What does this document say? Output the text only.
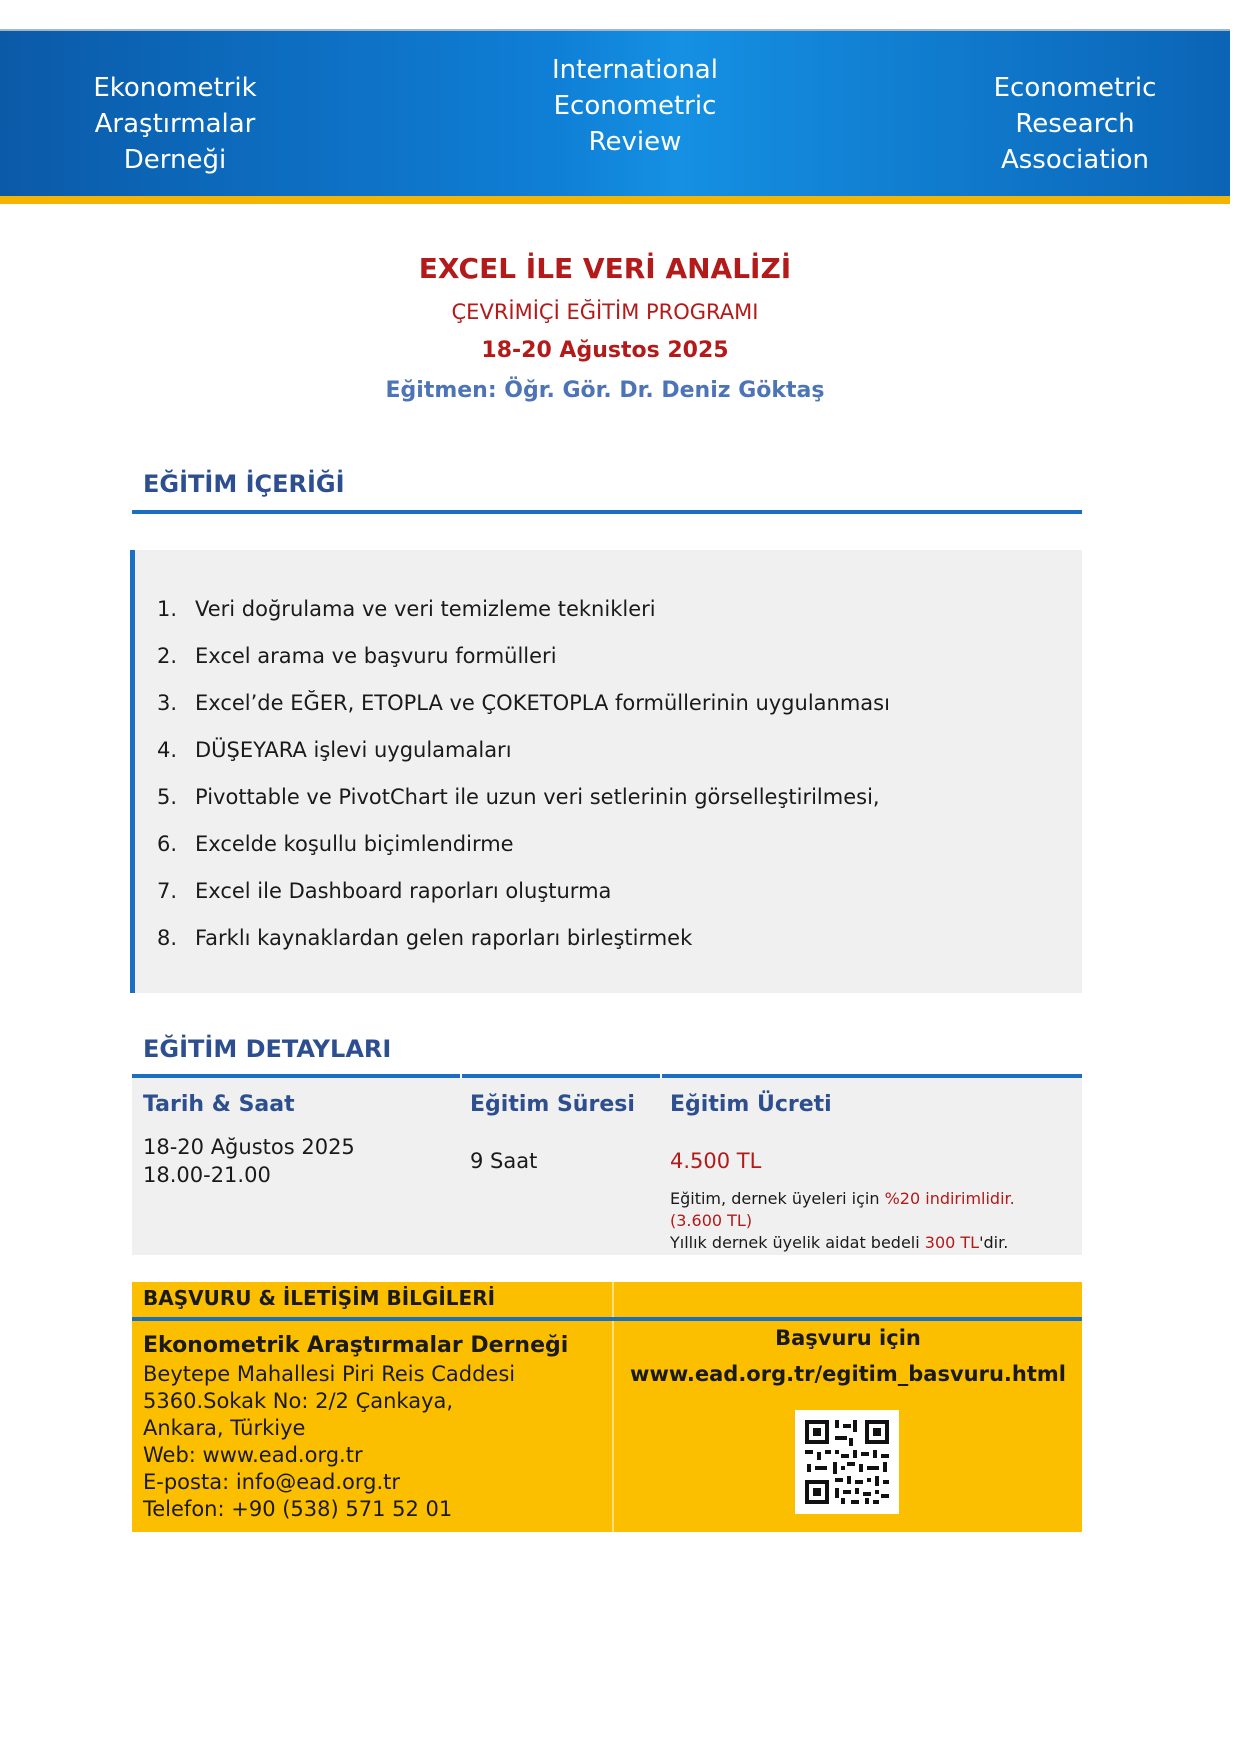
Ekonometrik Araştırmalar
Derneği
International
Econometric
Review
Econometric Research
Association
EXCEL İLE VERİ ANALİZİ
ÇEVRİMİÇİ EĞİTİM PROGRAMI
18-20 Ağustos 2025
Eğitmen: Öğr. Gör. Dr. Deniz Göktaş
EĞİTİM İÇERİĞİ
1. Veri doğrulama ve veri temizleme teknikleri
2. Excel arama ve başvuru formülleri
3. Excel’de EĞER, ETOPLA ve ÇOKETOPLA formüllerinin uygulanması
4. DÜŞEYARA işlevi uygulamaları
5. Pivottable ve PivotChart ile uzun veri setlerinin görselleştirilmesi,
6. Excelde koşullu biçimlendirme
7. Excel ile Dashboard raporları oluşturma
8. Farklı kaynaklardan gelen raporları birleştirmek
EĞİTİM DETAYLARI
Tarih & Saat	Eğitim Süresi Eğitim Ücreti
18-20 Ağustos 2025
18.00-21.00
9 Saat	4.500 TL
Eğitim, dernek üyeleri için %20 indirimlidir.
(3.600 TL)
Yıllık dernek üyelik aidat bedeli 300 TL'dir.
BAŞVURU & İLETİŞİM BİLGİLERİ
Ekonometrik Araştırmalar Derneği
Beytepe Mahallesi Piri Reis Caddesi
5360.Sokak No: 2/2 Çankaya,
Ankara, Türkiye
Web: www.ead.org.tr
E-posta: info@ead.org.tr
Telefon: +90 (538) 571 52 01
Başvuru için
www.ead.org.tr/egitim_basvuru.html
